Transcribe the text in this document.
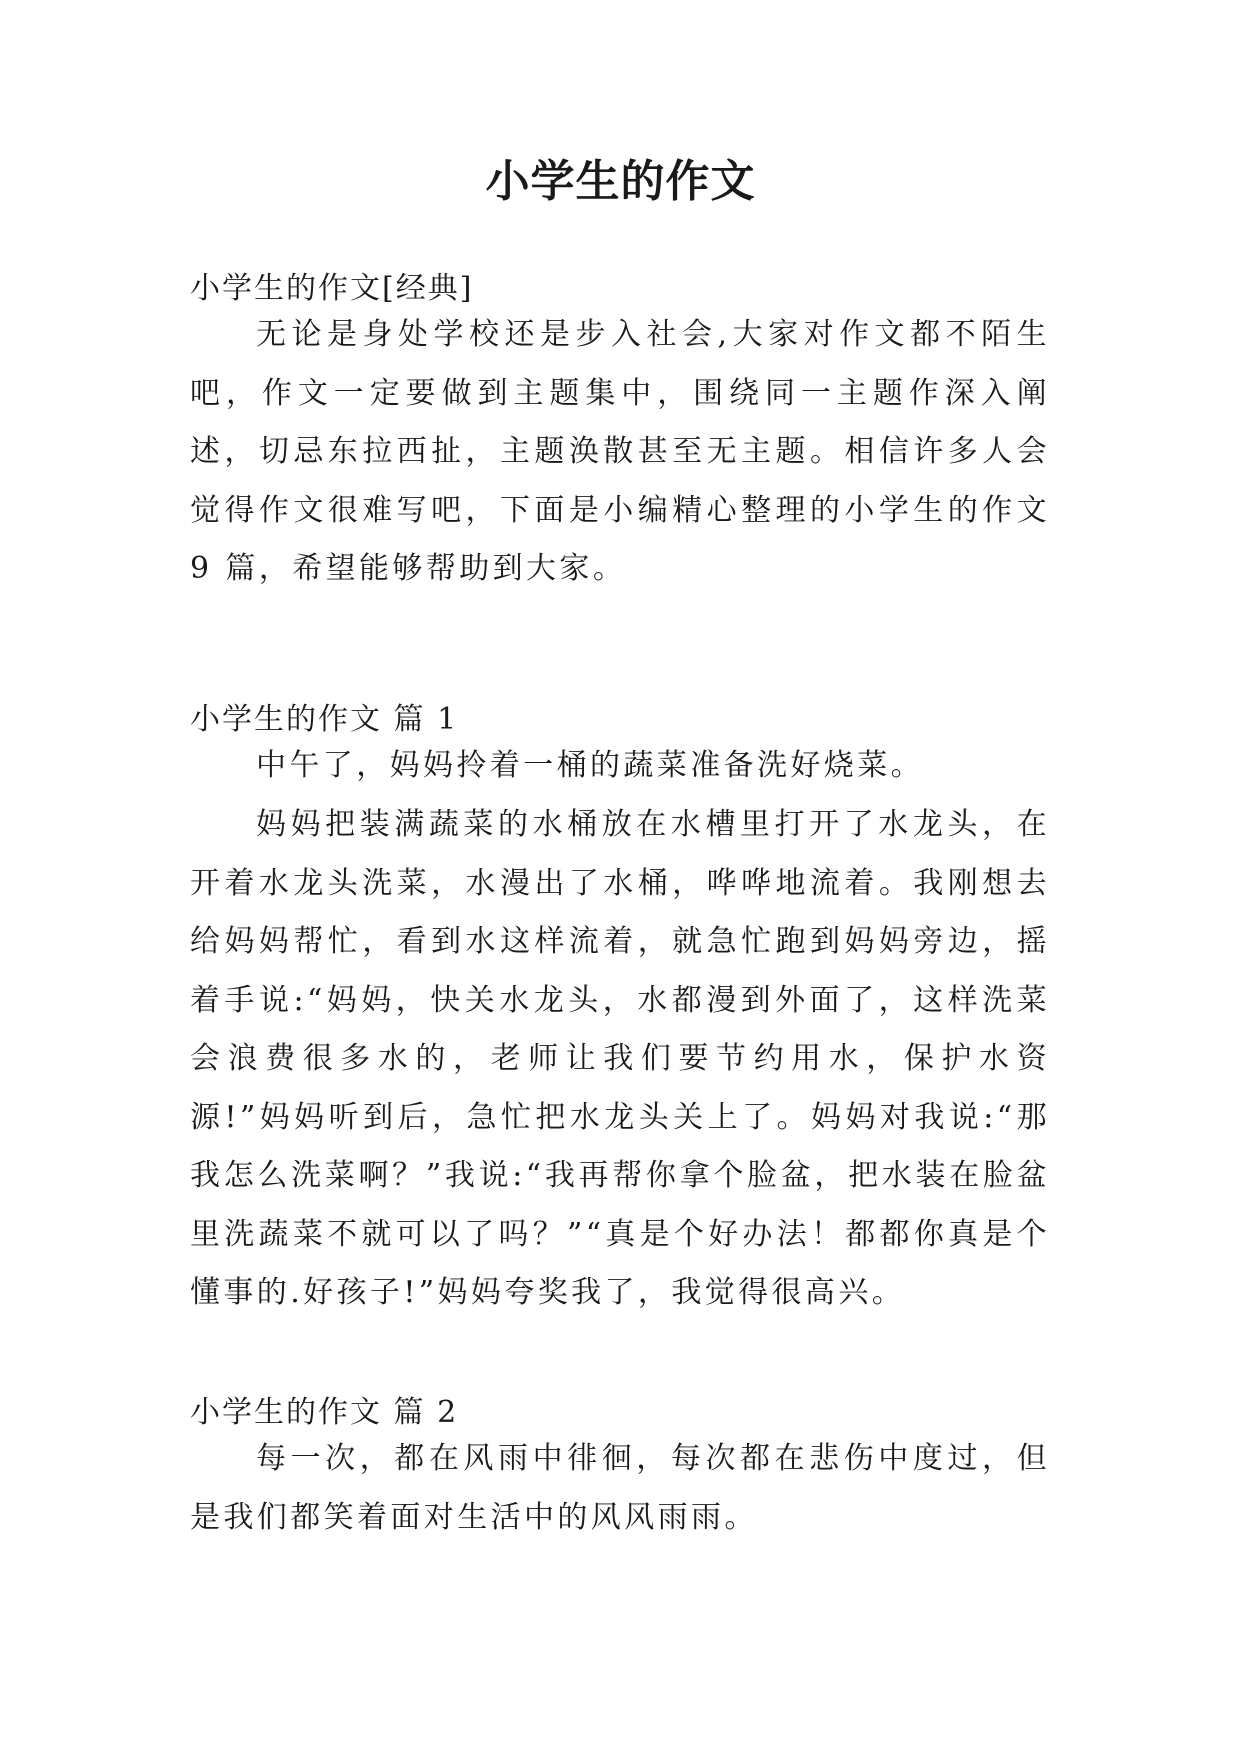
小学生的作文

小学生的作文[经典]

无论是身处学校还是步入社会,大家对作文都不陌生吧，作文一定要做到主题集中，围绕同一主题作深入阐述，切忌东拉西扯，主题涣散甚至无主题。相信许多人会觉得作文很难写吧，下面是小编精心整理的小学生的作文 9 篇，希望能够帮助到大家。

小学生的作文 篇 1

中午了，妈妈拎着一桶的蔬菜准备洗好烧菜。

妈妈把装满蔬菜的水桶放在水槽里打开了水龙头，在开着水龙头洗菜，水漫出了水桶，哗哗地流着。我刚想去给妈妈帮忙，看到水这样流着，就急忙跑到妈妈旁边，摇着手说:“妈妈，快关水龙头，水都漫到外面了，这样洗菜会浪费很多水的，老师让我们要节约用水，保护水资源!”妈妈听到后，急忙把水龙头关上了。妈妈对我说:“那我怎么洗菜啊？”我说:“我再帮你拿个脸盆，把水装在脸盆里洗蔬菜不就可以了吗？”“真是个好办法！都都你真是个懂事的.好孩子!”妈妈夸奖我了，我觉得很高兴。

小学生的作文 篇 2

每一次，都在风雨中徘徊，每次都在悲伤中度过，但是我们都笑着面对生活中的风风雨雨。
